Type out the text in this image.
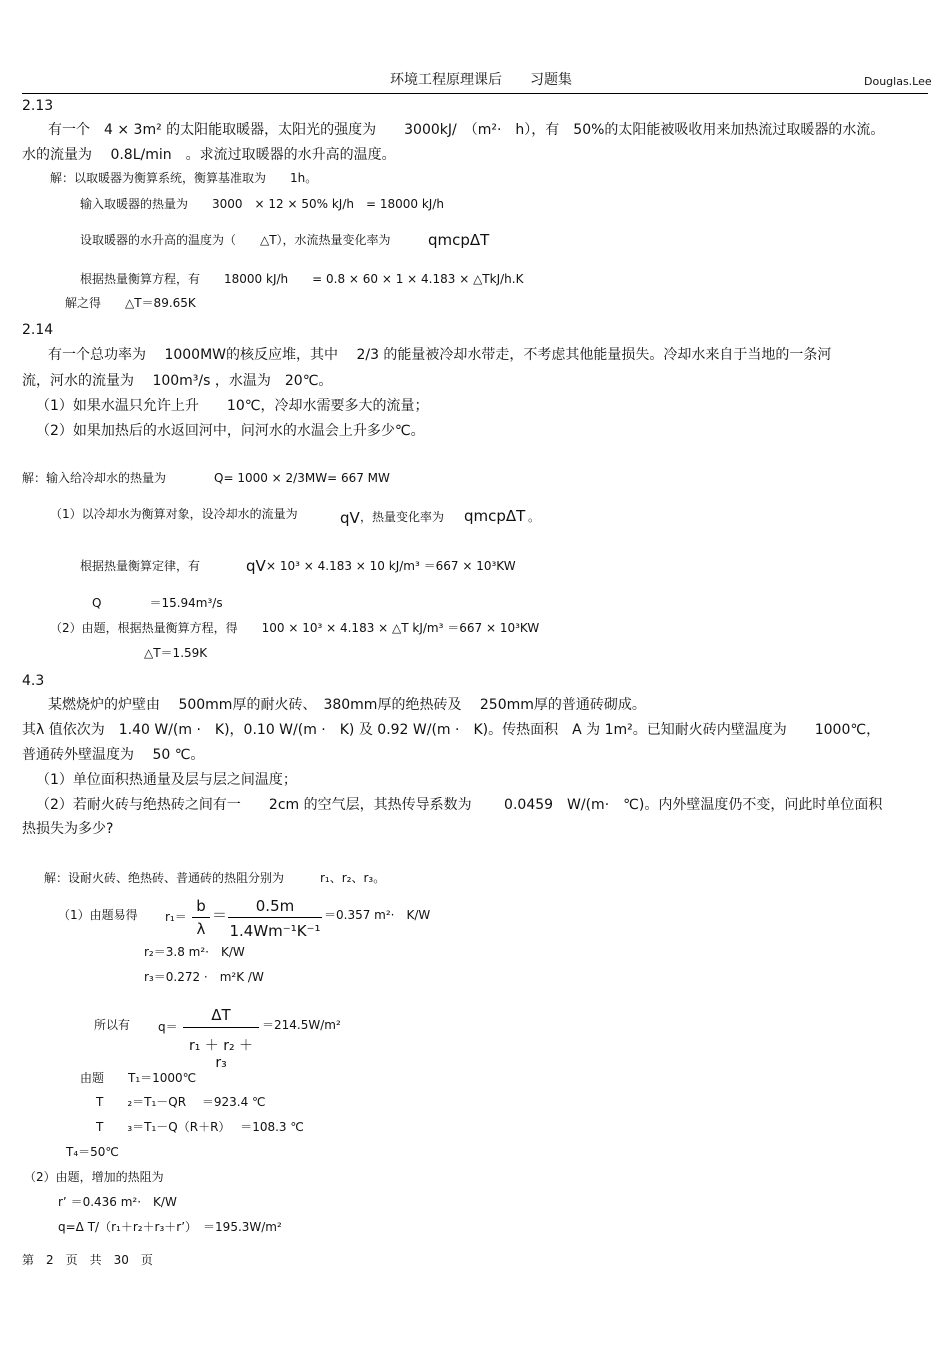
环境工程原理课后　　习题集	Douglas.Lee
2.13
有一个　4 × 3m² 的太阳能取暖器，太阳光的强度为　　3000kJ/　（m²·　h），有　50%的太阳能被吸收用来加热流过取暖器的水流。
水的流量为　 0.8L/min　。求流过取暖器的水升高的温度。
解：以取暖器为衡算系统，衡算基准取为　　1h。
输入取暖器的热量为　　3000　× 12 × 50% kJ/h　= 18000 kJ/h
设取暖器的水升高的温度为（　　△T），水流热量变化率为 qmcpΔT
根据热量衡算方程，有　　18000 kJ/h　　= 0.8 × 60 × 1 × 4.183 × △TkJ/h.K
解之得　　△T＝89.65K
2.14
有一个总功率为　 1000MW的核反应堆，其中　 2/3 的能量被冷却水带走，不考虑其他能量损失。冷却水来自于当地的一条河
流，河水的流量为　 100m³/s ，水温为　20℃。
（1）如果水温只允许上升　　10℃，冷却水需要多大的流量；
（2）如果加热后的水返回河中，问河水的水温会上升多少℃。
解：输入给冷却水的热量为　　　　Q= 1000 × 2/3MW= 667 MW
（1）以冷却水为衡算对象，设冷却水的流量为	qV ，热量变化率为 qmcpΔT 。
根据热量衡算定律，有	qV × 10³ × 4.183 × 10 kJ/m³ ＝667 × 10³KW
Q　　　　＝15.94m³/s
（2）由题，根据热量衡算方程，得　　100 × 10³ × 4.183 × △T kJ/m³ ＝667 × 10³KW
△T＝1.59K
4.3
某燃烧炉的炉壁由　 500mm厚的耐火砖、　380mm厚的绝热砖及　 250mm厚的普通砖砌成。
其λ 值依次为　1.40 W/(m ·　K)，0.10 W/(m ·　K) 及 0.92 W/(m ·　K)。传热面积　A 为 1m²。已知耐火砖内壁温度为　　1000℃，
普通砖外壁温度为　 50 ℃。
（1）单位面积热通量及层与层之间温度；
（2）若耐火砖与绝热砖之间有一　　2cm 的空气层，其热传导系数为　　 0.0459　W/(m·　℃)。内外壁温度仍不变，问此时单位面积
热损失为多少?
解：设耐火砖、绝热砖、普通砖的热阻分别为　　　r₁、r₂、r₃。
（1）由题易得 r₁＝
b
λ
＝	0.5m
1.4Wm⁻¹K⁻¹
＝0.357 m²·　K/W
r₂＝3.8 m²·　K/W
r₃＝0.272 ·　m²K /W
所以有 q＝
ΔT
r₁ ＋ r₂ ＋ r₃
＝214.5W/m²
由题　　T₁＝1000℃
T　　₂＝T₁－QR　 ＝923.4 ℃
T　　₃＝T₁－Q（R＋R）　 ＝108.3 ℃
T₄＝50℃
（2）由题，增加的热阻为
r’ ＝0.436 m²·　K/W
q=Δ T/（r₁＋r₂＋r₃＋r’）　＝195.3W/m²
第　2　页　共　30　页
